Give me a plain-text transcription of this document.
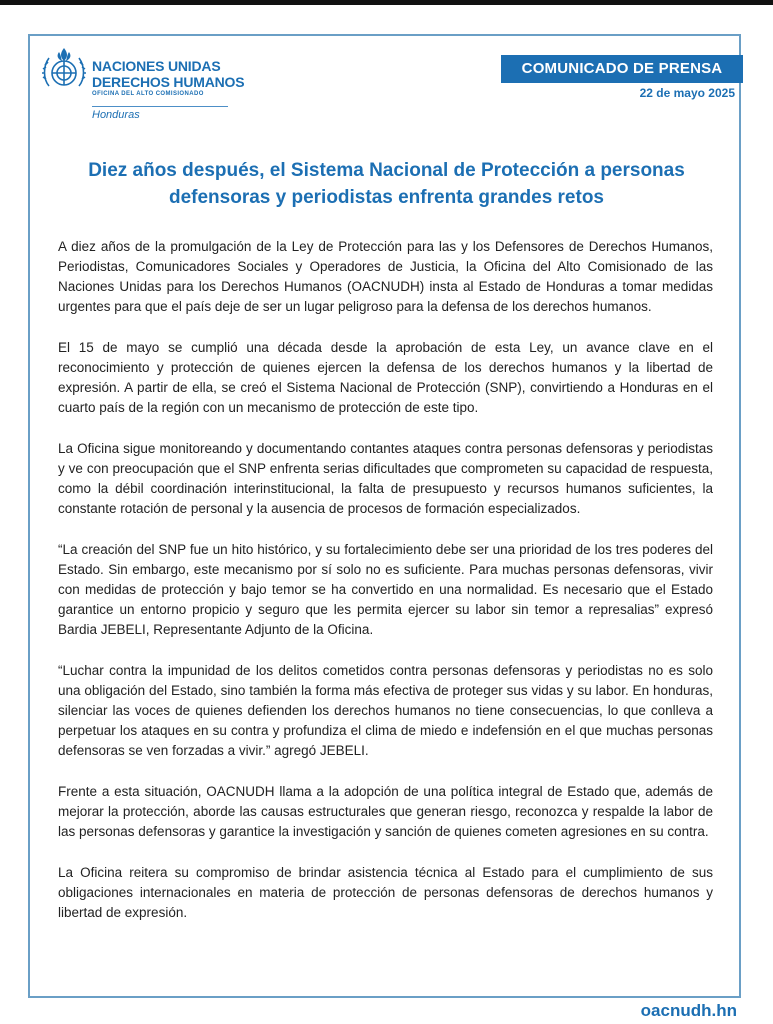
NACIONES UNIDAS
DERECHOS HUMANOS
OFICINA DEL ALTO COMISIONADO
Honduras
COMUNICADO DE PRENSA
22 de mayo 2025
Diez años después, el Sistema Nacional de Protección a personas defensoras y periodistas enfrenta grandes retos

A diez años de la promulgación de la Ley de Protección para las y los Defensores de Derechos Humanos, Periodistas, Comunicadores Sociales y Operadores de Justicia, la Oficina del Alto Comisionado de las Naciones Unidas para los Derechos Humanos (OACNUDH) insta al Estado de Honduras a tomar medidas urgentes para que el país deje de ser un lugar peligroso para la defensa de los derechos humanos.

El 15 de mayo se cumplió una década desde la aprobación de esta Ley, un avance clave en el reconocimiento y protección de quienes ejercen la defensa de los derechos humanos y la libertad de expresión. A partir de ella, se creó el Sistema Nacional de Protección (SNP), convirtiendo a Honduras en el cuarto país de la región con un mecanismo de protección de este tipo.

La Oficina sigue monitoreando y documentando contantes ataques contra personas defensoras y periodistas y ve con preocupación que el SNP enfrenta serias dificultades que comprometen su capacidad de respuesta, como la débil coordinación interinstitucional, la falta de presupuesto y recursos humanos suficientes, la constante rotación de personal y la ausencia de procesos de formación especializados.

“La creación del SNP fue un hito histórico, y su fortalecimiento debe ser una prioridad de los tres poderes del Estado. Sin embargo, este mecanismo por sí solo no es suficiente. Para muchas personas defensoras, vivir con medidas de protección y bajo temor se ha convertido en una normalidad. Es necesario que el Estado garantice un entorno propicio y seguro que les permita ejercer su labor sin temor a represalias” expresó Bardia JEBELI, Representante Adjunto de la Oficina.

“Luchar contra la impunidad de los delitos cometidos contra personas defensoras y periodistas no es solo una obligación del Estado, sino también la forma más efectiva de proteger sus vidas y su labor. En honduras, silenciar las voces de quienes defienden los derechos humanos no tiene consecuencias, lo que conlleva a perpetuar los ataques en su contra y profundiza el clima de miedo e indefensión en el que muchas personas defensoras se ven forzadas a vivir.” agregó JEBELI.

Frente a esta situación, OACNUDH llama a la adopción de una política integral de Estado que, además de mejorar la protección, aborde las causas estructurales que generan riesgo, reconozca y respalde la labor de las personas defensoras y garantice la investigación y sanción de quienes cometen agresiones en su contra.

La Oficina reitera su compromiso de brindar asistencia técnica al Estado para el cumplimiento de sus obligaciones internacionales en materia de protección de personas defensoras de derechos humanos y libertad de expresión.

oacnudh.hn
